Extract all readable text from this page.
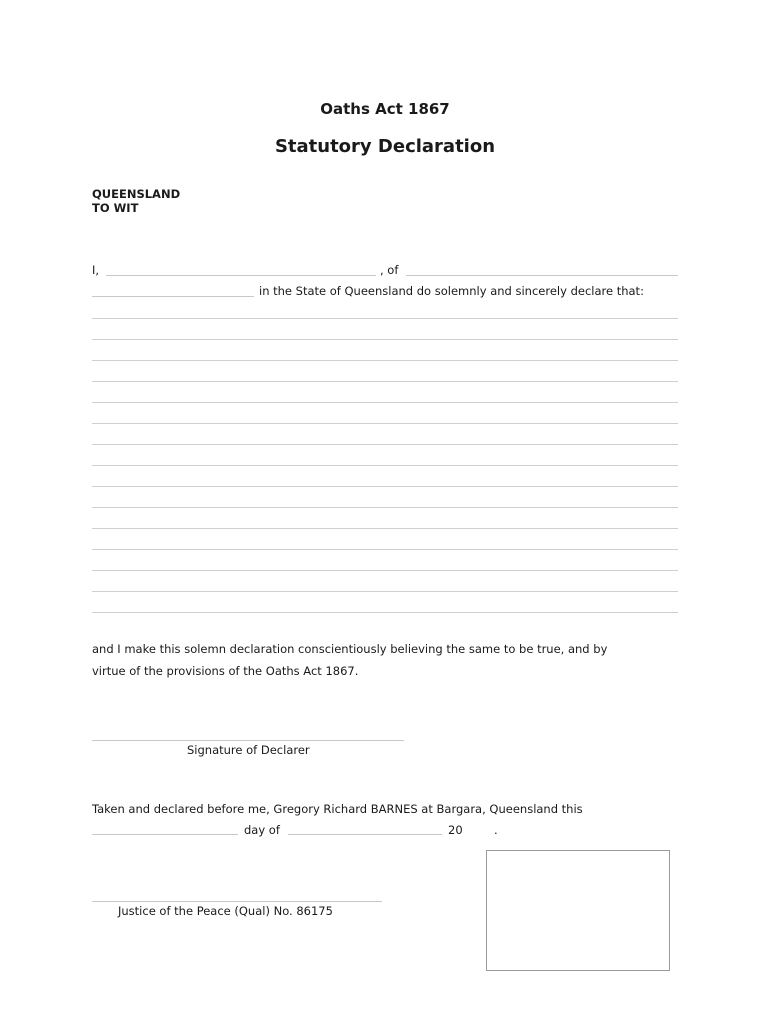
Oaths Act 1867
Statutory Declaration
QUEENSLAND
TO WIT
I,	, of
in the State of Queensland do solemnly and sincerely declare that:
and I make this solemn declaration conscientiously believing the same to be true, and by
virtue of the provisions of the Oaths Act 1867.
Signature of Declarer
Taken and declared before me, Gregory Richard BARNES at Bargara, Queensland this
day of	20	.
Justice of the Peace (Qual) No. 86175
